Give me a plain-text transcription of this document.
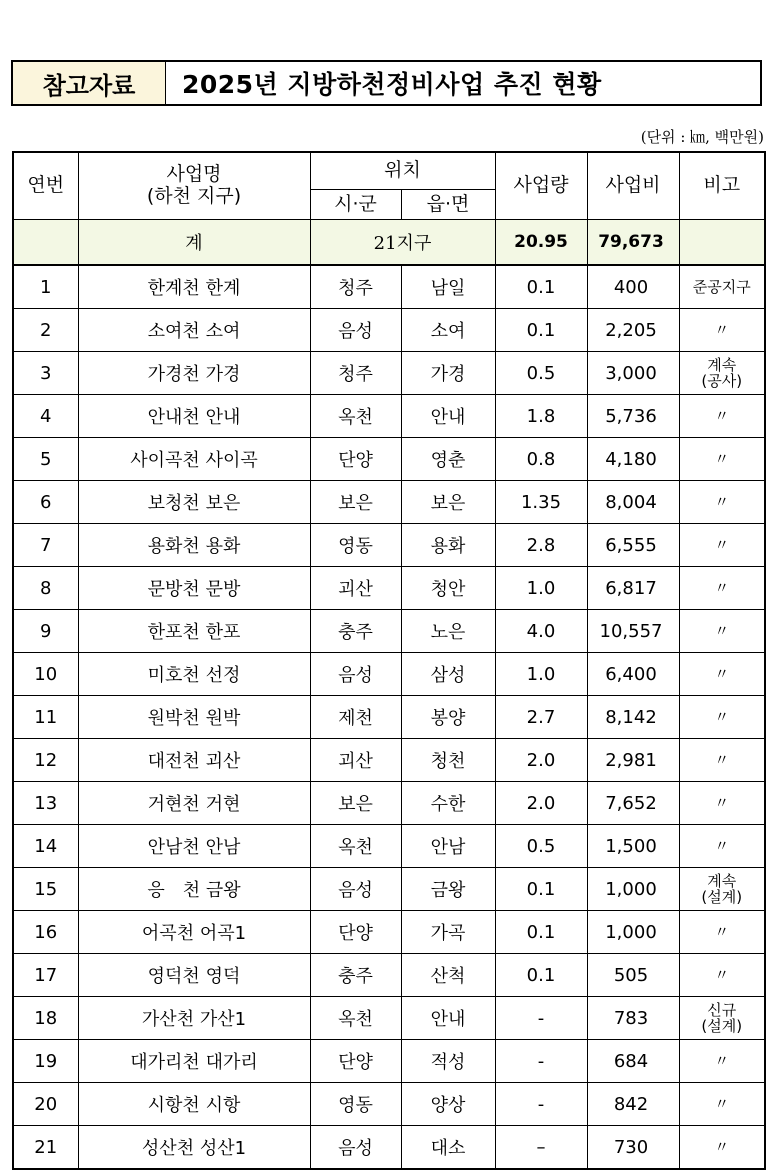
참고자료	2025년 지방하천정비사업 추진 현황
(단위 : ㎞, 백만원)
연번	사업명
(하천 지구)	위치		사업량	사업비	비고
		시·군	읍·면			
	계	21지구		20.95	79,673	
1	한계천 한계	청주	남일	0.1	400	준공지구

2	소여천 소여	음성	소여	0.1	2,205	〃

3	가경천 가경	청주	가경	0.5	3,000	계속
(공사)

4	안내천 안내	옥천	안내	1.8	5,736	〃

5	사이곡천 사이곡	단양	영춘	0.8	4,180	〃

6	보청천 보은	보은	보은	1.35	8,004	〃

7	용화천 용화	영동	용화	2.8	6,555	〃

8	문방천 문방	괴산	청안	1.0	6,817	〃

9	한포천 한포	충주	노은	4.0	10,557	〃

10	미호천 선정	음성	삼성	1.0	6,400	〃

11	원박천 원박	제천	봉양	2.7	8,142	〃

12	대전천 괴산	괴산	청천	2.0	2,981	〃

13	거현천 거현	보은	수한	2.0	7,652	〃

14	안남천 안남	옥천	안남	0.5	1,500	〃

15	응　천 금왕	음성	금왕	0.1	1,000	계속
(설계)

16	어곡천 어곡1	단양	가곡	0.1	1,000	〃

17	영덕천 영덕	충주	산척	0.1	505	〃

18	가산천 가산1	옥천	안내	-	783	신규
(설계)

19	대가리천 대가리	단양	적성	-	684	〃

20	시항천 시항	영동	양상	-	842	〃

21	성산천 성산1	음성	대소	–	730	〃
